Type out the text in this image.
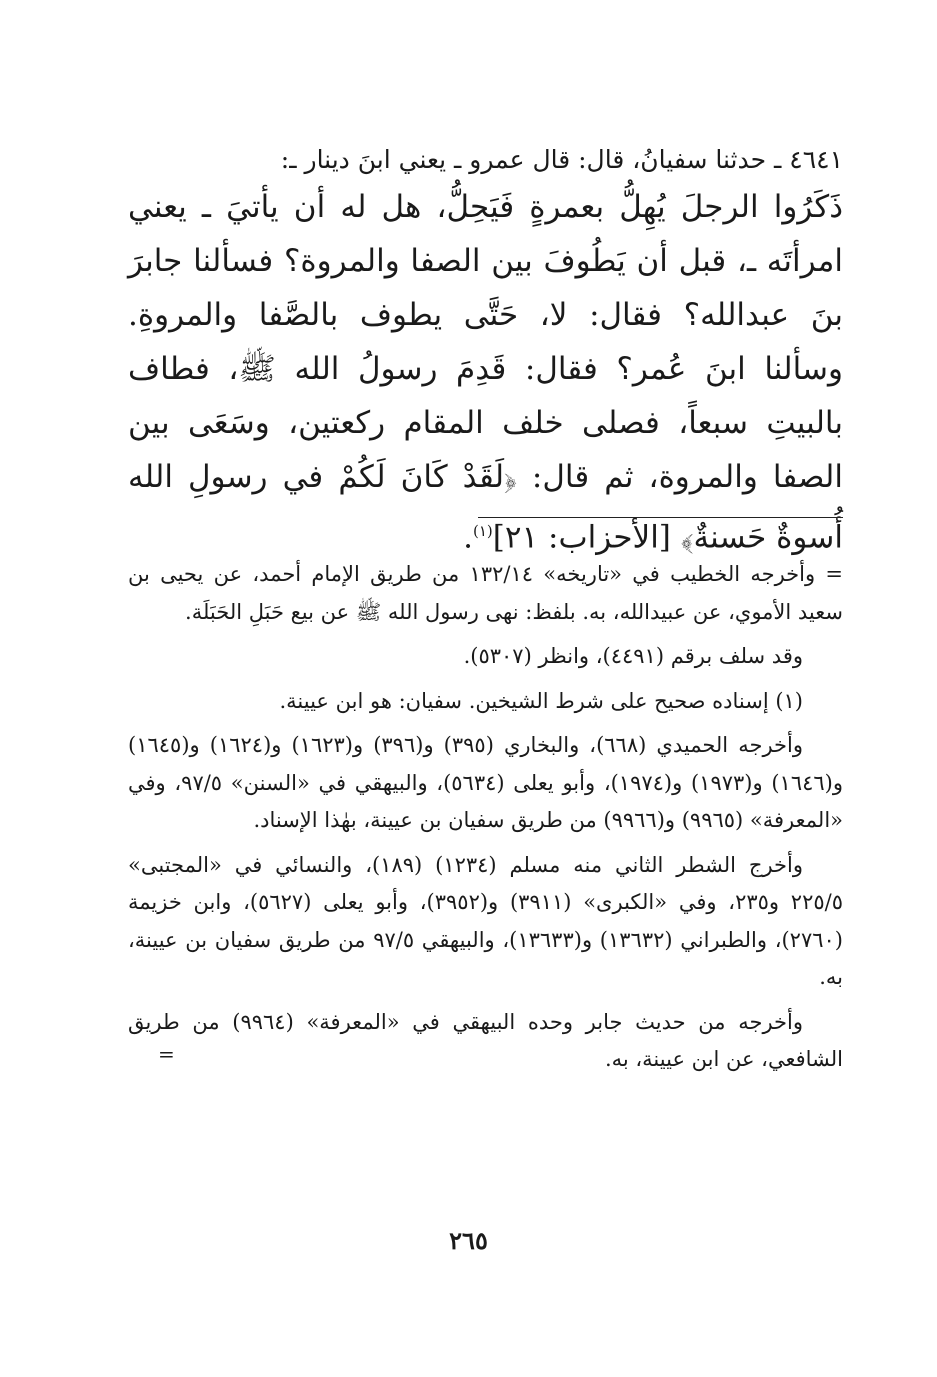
٤٦٤١ ـ حدثنا سفيانُ، قال: قال عمرو ـ يعني ابنَ دينار ـ:

ذَكَرُوا الرجلَ يُهِلُّ بعمرةٍ فَيَحِلُّ، هل له أن يأتيَ ـ يعني امرأتَه ـ، قبل أن يَطُوفَ بين الصفا والمروة؟ فسألنا جابرَ بنَ عبدالله؟ فقال: لا، حَتَّى يطوف بالصَّفا والمروةِ. وسألنا ابنَ عُمر؟ فقال: قَدِمَ رسولُ الله ﷺ، فطاف بالبيتِ سبعاً، فصلى خلف المقام ركعتين، وسَعَى بين الصفا والمروة، ثم قال: ﴿لَقَدْ كَانَ لَكُمْ في رسولِ الله أُسوةٌ حَسنةٌ﴾ [الأحزاب: ٢١]$^{(١)}$.

= وأخرجه الخطيب في «تاريخه» ١٣٢/١٤ من طريق الإمام أحمد، عن يحيى بن سعيد الأموي، عن عبيدالله، به. بلفظ: نهى رسول الله ﷺ عن بيع حَبَلِ الحَبَلَة.

وقد سلف برقم (٤٤٩١)، وانظر (٥٣٠٧).

(١) إسناده صحيح على شرط الشيخين. سفيان: هو ابن عيينة.

وأخرجه الحميدي (٦٦٨)، والبخاري (٣٩٥) و(٣٩٦) و(١٦٢٣) و(١٦٢٤) و(١٦٤٥) و(١٦٤٦) و(١٩٧٣) و(١٩٧٤)، وأبو يعلى (٥٦٣٤)، والبيهقي في «السنن» ٩٧/٥، وفي «المعرفة» (٩٩٦٥) و(٩٩٦٦) من طريق سفيان بن عيينة، بهٰذا الإسناد.

وأخرج الشطر الثاني منه مسلم (١٢٣٤) (١٨٩)، والنسائي في «المجتبى» ٢٢٥/٥ و٢٣٥، وفي «الكبرى» (٣٩١١) و(٣٩٥٢)، وأبو يعلى (٥٦٢٧)، وابن خزيمة (٢٧٦٠)، والطبراني (١٣٦٣٢) و(١٣٦٣٣)، والبيهقي ٩٧/٥ من طريق سفيان بن عيينة، به.

وأخرجه من حديث جابر وحده البيهقي في «المعرفة» (٩٩٦٤) من طريق الشافعي، عن ابن عيينة، به.

=
٢٦٥
